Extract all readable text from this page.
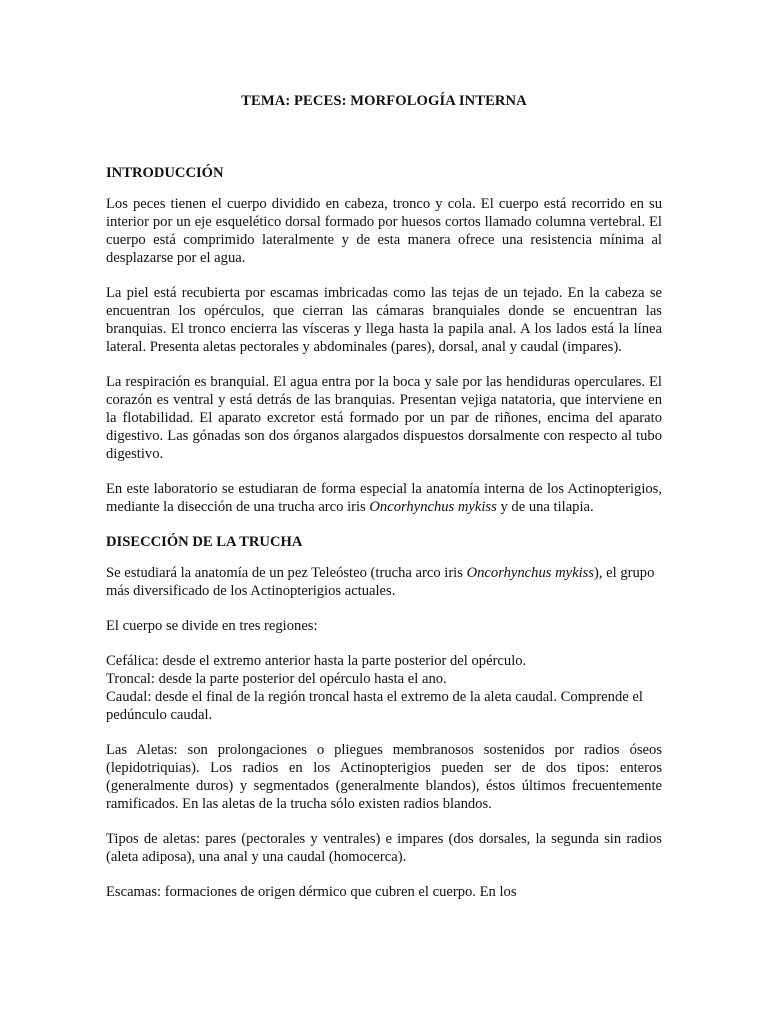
TEMA: PECES: MORFOLOGÍA INTERNA
INTRODUCCIÓN

Los peces tienen el cuerpo dividido en cabeza, tronco y cola. El cuerpo está recorrido en su interior por un eje esquelético dorsal formado por huesos cortos llamado columna vertebral. El cuerpo está comprimido lateralmente y de esta manera ofrece una resistencia mínima al desplazarse por el agua.

La piel está recubierta por escamas imbricadas como las tejas de un tejado. En la cabeza se encuentran los opérculos, que cierran las cámaras branquiales donde se encuentran las branquias. El tronco encierra las vísceras y llega hasta la papila anal. A los lados está la línea lateral. Presenta aletas pectorales y abdominales (pares), dorsal, anal y caudal (impares).

La respiración es branquial. El agua entra por la boca y sale por las hendiduras operculares. El corazón es ventral y está detrás de las branquias. Presentan vejiga natatoria, que interviene en la flotabilidad. El aparato excretor está formado por un par de riñones, encima del aparato digestivo. Las gónadas son dos órganos alargados dispuestos dorsalmente con respecto al tubo digestivo.

En este laboratorio se estudiaran de forma especial la anatomía interna de los Actinopterigios, mediante la disección de una trucha arco iris Oncorhynchus mykiss y de una tilapia.

DISECCIÓN DE LA TRUCHA

Se estudiará la anatomía de un pez Teleósteo (trucha arco iris Oncorhynchus mykiss), el grupo más diversificado de los Actinopterigios actuales.

El cuerpo se divide en tres regiones:

Cefálica: desde el extremo anterior hasta la parte posterior del opérculo.
Troncal: desde la parte posterior del opérculo hasta el ano.
Caudal: desde el final de la región troncal hasta el extremo de la aleta caudal. Comprende el pedúnculo caudal.

Las Aletas: son prolongaciones o pliegues membranosos sostenidos por radios óseos (lepidotriquias). Los radios en los Actinopterigios pueden ser de dos tipos: enteros (generalmente duros) y segmentados (generalmente blandos), éstos últimos frecuentemente ramificados. En las aletas de la trucha sólo existen radios blandos.

Tipos de aletas: pares (pectorales y ventrales) e impares (dos dorsales, la segunda sin radios (aleta adiposa), una anal y una caudal (homocerca).

Escamas: formaciones de origen dérmico que cubren el cuerpo. En los
